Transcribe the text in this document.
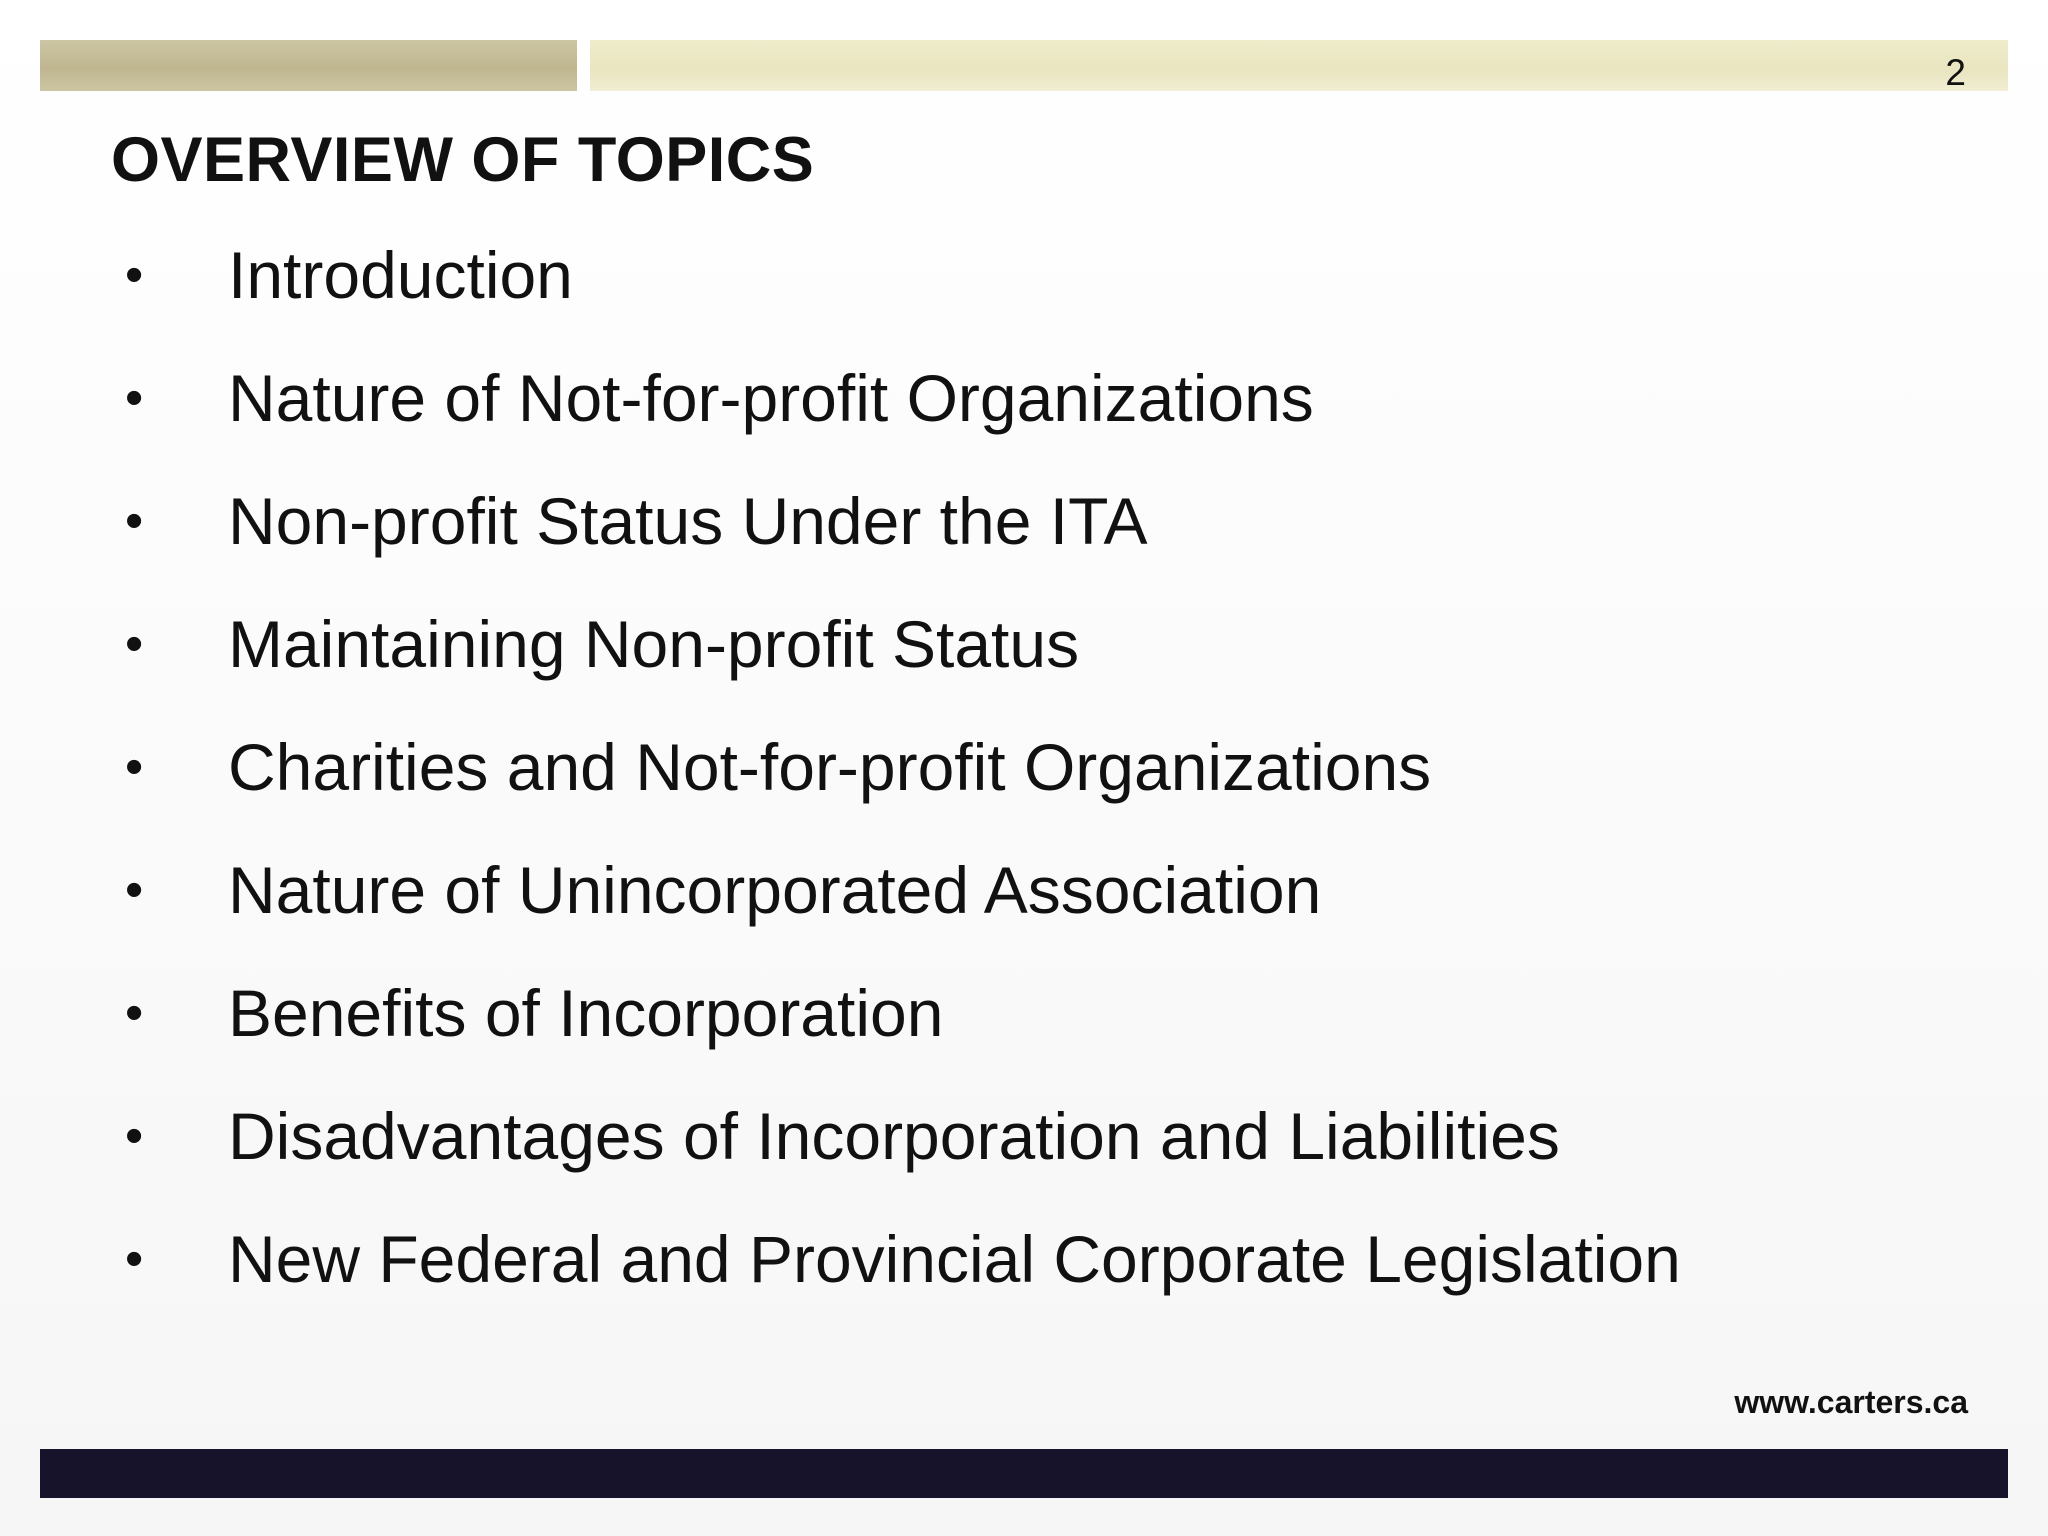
2
OVERVIEW OF TOPICS
• Introduction
• Nature of Not-for-profit Organizations
• Non-profit Status Under the ITA
• Maintaining Non-profit Status
• Charities and Not-for-profit Organizations
• Nature of Unincorporated Association
• Benefits of Incorporation
• Disadvantages of Incorporation and Liabilities
• New Federal and Provincial Corporate Legislation
www.carters.ca
